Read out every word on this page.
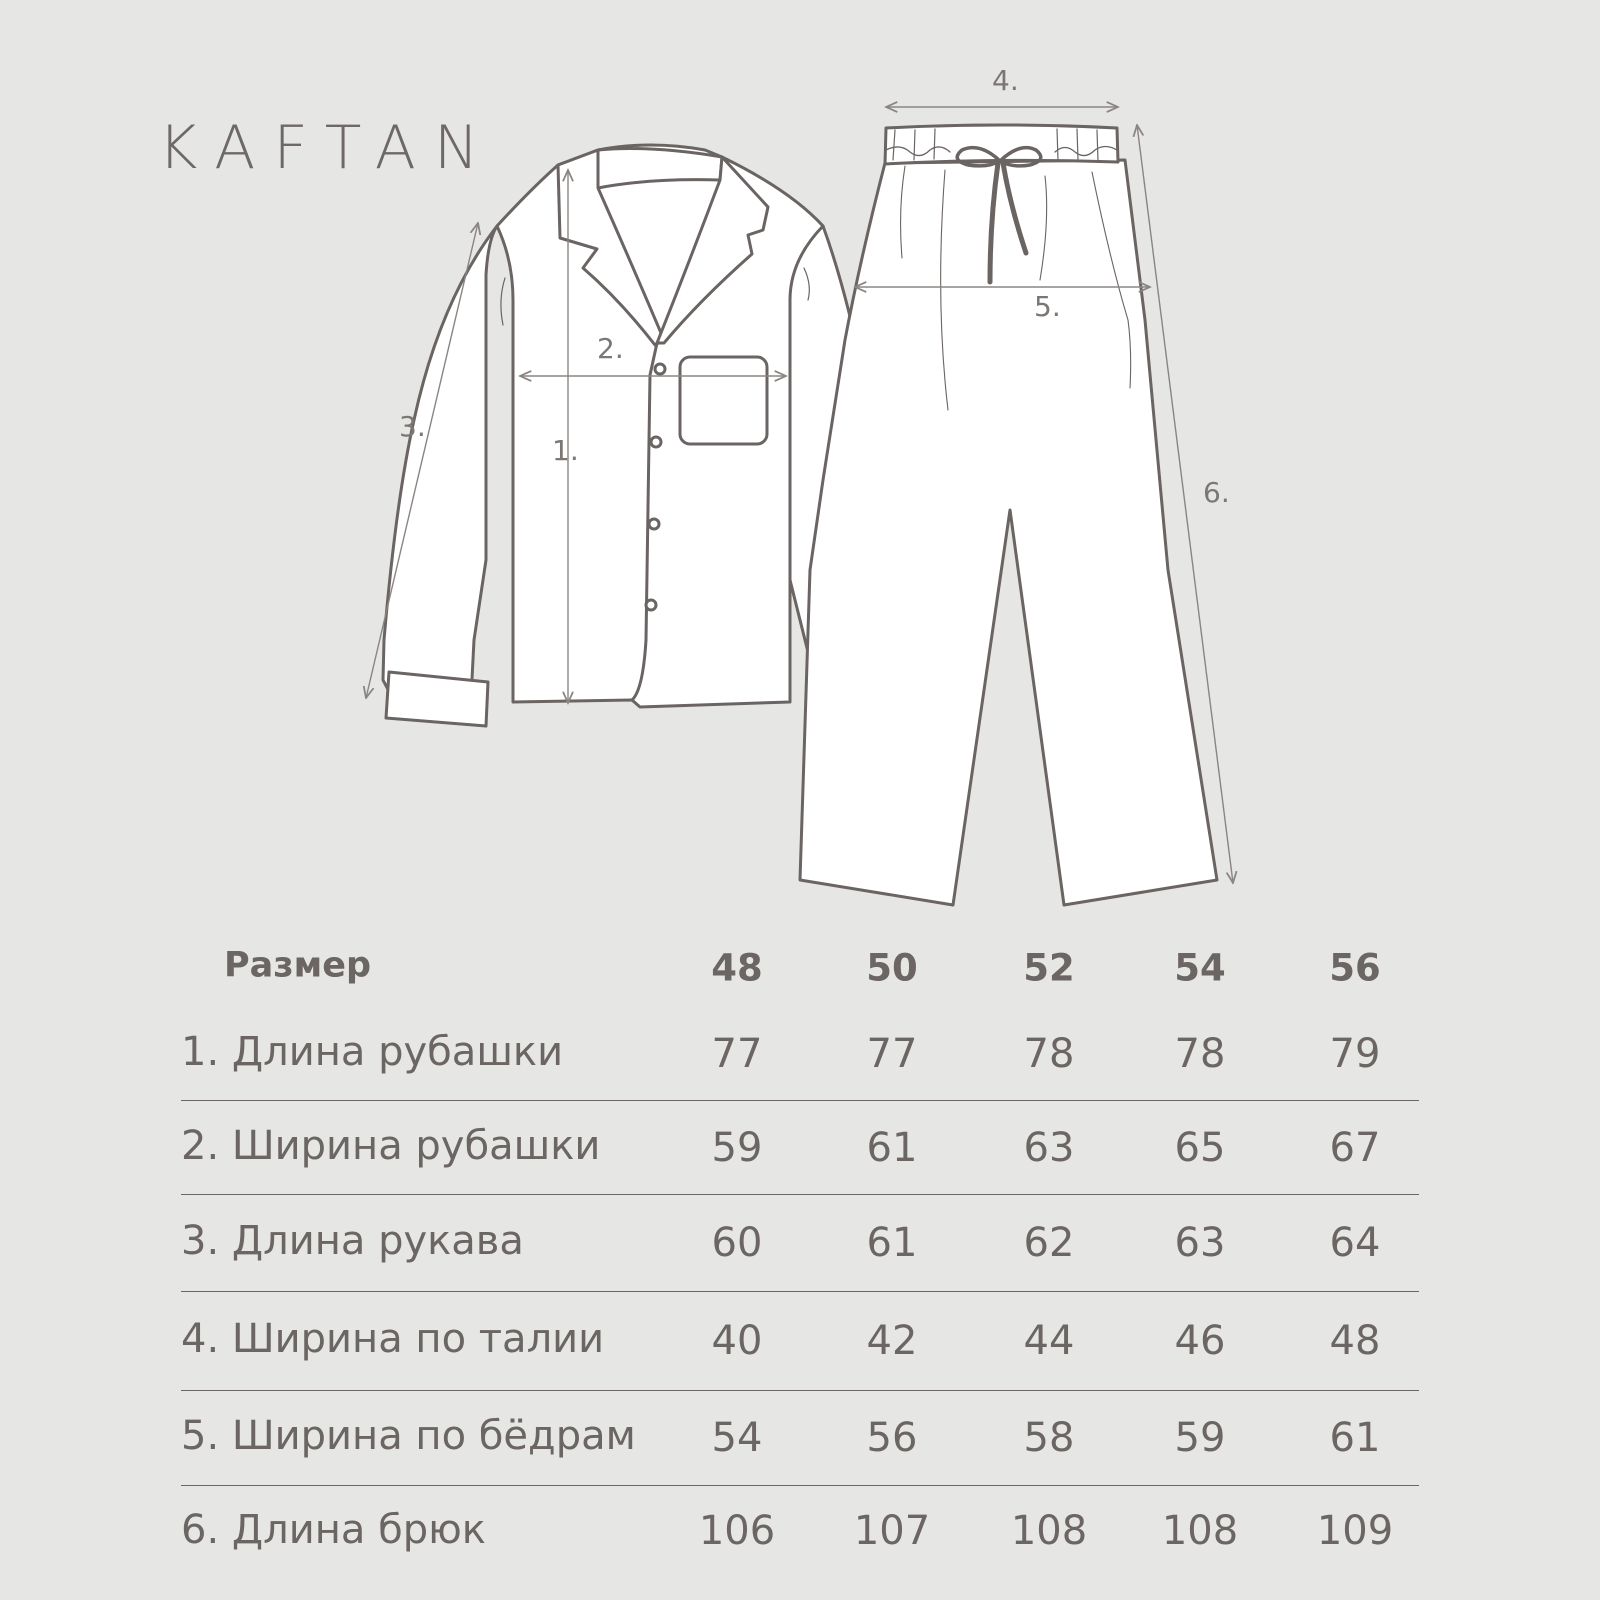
KAFTAN
1.
2.
3.
4.
5.
6.
Размер	48	50	52	54	56
1. Длина рубашки	77	77	78	78	79
2. Ширина рубашки	59	61	63	65	67
3. Длина рукава	60	61	62	63	64
4. Ширина по талии	40	42	44	46	48
5. Ширина по бёдрам 54	56	58	59	61
6. Длина брюк	106 107 108 108 109
